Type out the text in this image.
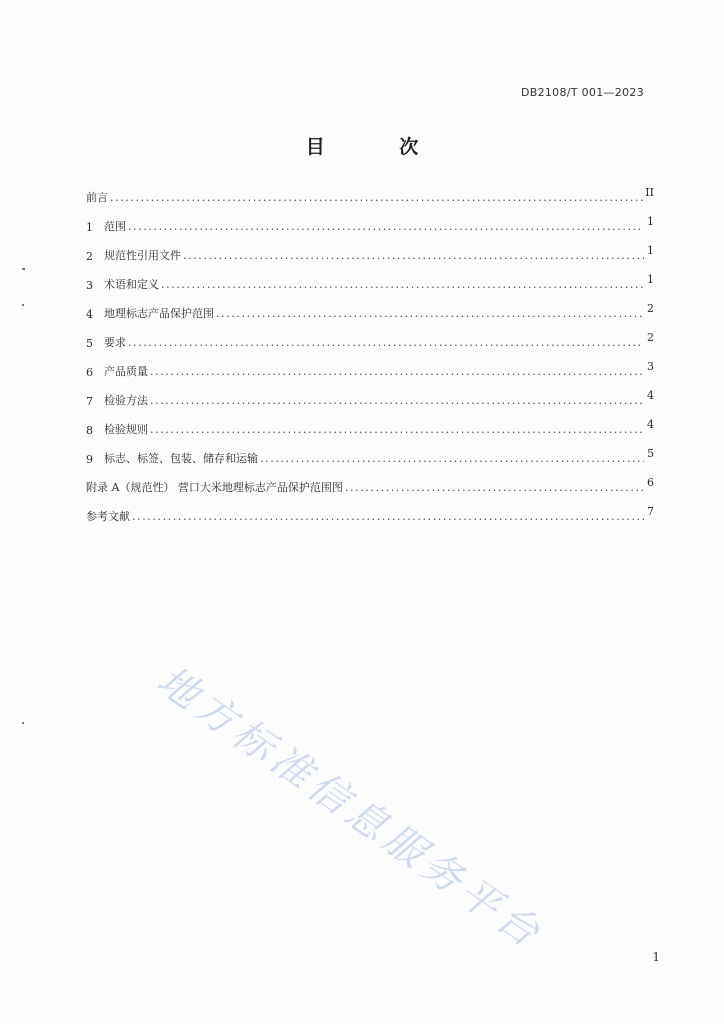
DB2108/T 001—2023
目 次
前言 .....	II
1	范围 .....	1
2	规范性引用文件 .....	1
3	术语和定义 .....	1
4	地理标志产品保护范围 .....	2
5	要求 .....	2
6	产品质量 .....	3
7	检验方法 .....	4
8	检验规则 .....	4
9	标志、标签、包装、储存和运输 .....	5
附录 A（规范性） 营口大米地理标志产品保护范围图 .....	6
参考文献 .....	7
地方标准信息服务平台	1
